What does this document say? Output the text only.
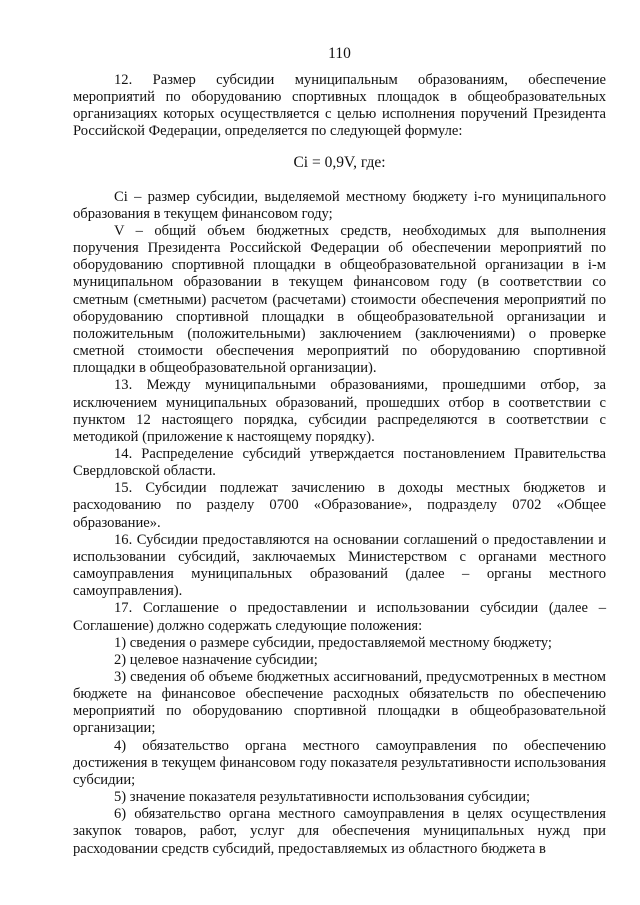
110

12. Размер субсидии муниципальным образованиям, обеспечение мероприятий по оборудованию спортивных площадок в общеобразовательных организациях которых осуществляется с целью исполнения поручений Президента Российской Федерации, определяется по следующей формуле:

Ci = 0,9V, где:

Ci – размер субсидии, выделяемой местному бюджету i-го муниципального образования в текущем финансовом году;

V – общий объем бюджетных средств, необходимых для выполнения поручения Президента Российской Федерации об обеспечении мероприятий по оборудованию спортивной площадки в общеобразовательной организации в i-м муниципальном образовании в текущем финансовом году (в соответствии со сметным (сметными) расчетом (расчетами) стоимости обеспечения мероприятий по оборудованию спортивной площадки в общеобразовательной организации и положительным (положительными) заключением (заключениями) о проверке сметной стоимости обеспечения мероприятий по оборудованию спортивной площадки в общеобразовательной организации).

13. Между муниципальными образованиями, прошедшими отбор, за исключением муниципальных образований, прошедших отбор в соответствии с пунктом 12 настоящего порядка, субсидии распределяются в соответствии с методикой (приложение к настоящему порядку).

14. Распределение субсидий утверждается постановлением Правительства Свердловской области.

15. Субсидии подлежат зачислению в доходы местных бюджетов и расходованию по разделу 0700 «Образование», подразделу 0702 «Общее образование».

16. Субсидии предоставляются на основании соглашений о предоставлении и использовании субсидий, заключаемых Министерством с органами местного самоуправления муниципальных образований (далее – органы местного самоуправления).

17. Соглашение о предоставлении и использовании субсидии (далее – Соглашение) должно содержать следующие положения:

1) сведения о размере субсидии, предоставляемой местному бюджету;

2) целевое назначение субсидии;

3) сведения об объеме бюджетных ассигнований, предусмотренных в местном бюджете на финансовое обеспечение расходных обязательств по обеспечению мероприятий по оборудованию спортивной площадки в общеобразовательной организации;

4) обязательство органа местного самоуправления по обеспечению достижения в текущем финансовом году показателя результативности использования субсидии;

5) значение показателя результативности использования субсидии;

6) обязательство органа местного самоуправления в целях осуществления закупок товаров, работ, услуг для обеспечения муниципальных нужд при расходовании средств субсидий, предоставляемых из областного бюджета в
